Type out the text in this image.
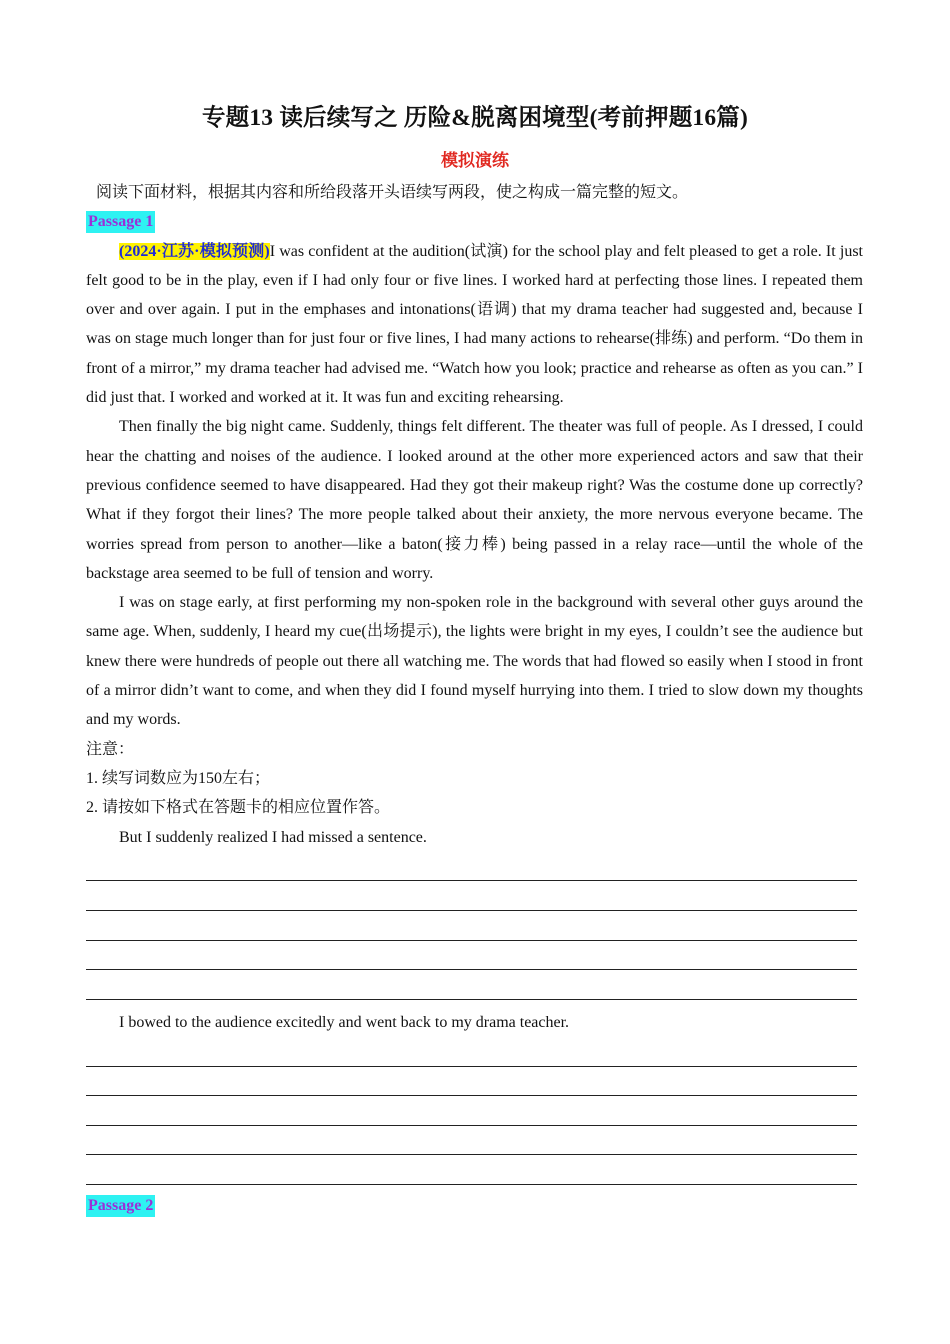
专题13 读后续写之 历险&脱离困境型(考前押题16篇)
模拟演练

阅读下面材料，根据其内容和所给段落开头语续写两段，使之构成一篇完整的短文。

Passage 1

(2024·江苏·模拟预测)I was confident at the audition(试演) for the school play and felt pleased to get a role. It just felt good to be in the play, even if I had only four or five lines. I worked hard at perfecting those lines. I repeated them over and over again. I put in the emphases and intonations(语调) that my drama teacher had suggested and, because I was on stage much longer than for just four or five lines, I had many actions to rehearse(排练) and perform. “Do them in front of a mirror,” my drama teacher had advised me. “Watch how you look; practice and rehearse as often as you can.” I did just that. I worked and worked at it. It was fun and exciting rehearsing.

Then finally the big night came. Suddenly, things felt different. The theater was full of people. As I dressed, I could hear the chatting and noises of the audience. I looked around at the other more experienced actors and saw that their previous confidence seemed to have disappeared. Had they got their makeup right? Was the costume done up correctly? What if they forgot their lines? The more people talked about their anxiety, the more nervous everyone became. The worries spread from person to another—like a baton(接力棒) being passed in a relay race—until the whole of the backstage area seemed to be full of tension and worry.

I was on stage early, at first performing my non-spoken role in the background with several other guys around the same age. When, suddenly, I heard my cue(出场提示), the lights were bright in my eyes, I couldn’t see the audience but knew there were hundreds of people out there all watching me. The words that had flowed so easily when I stood in front of a mirror didn’t want to come, and when they did I found myself hurrying into them. I tried to slow down my thoughts and my words.

注意：

1. 续写词数应为150左右；

2. 请按如下格式在答题卡的相应位置作答。

But I suddenly realized I had missed a sentence.

I bowed to the audience excitedly and went back to my drama teacher.

Passage 2
